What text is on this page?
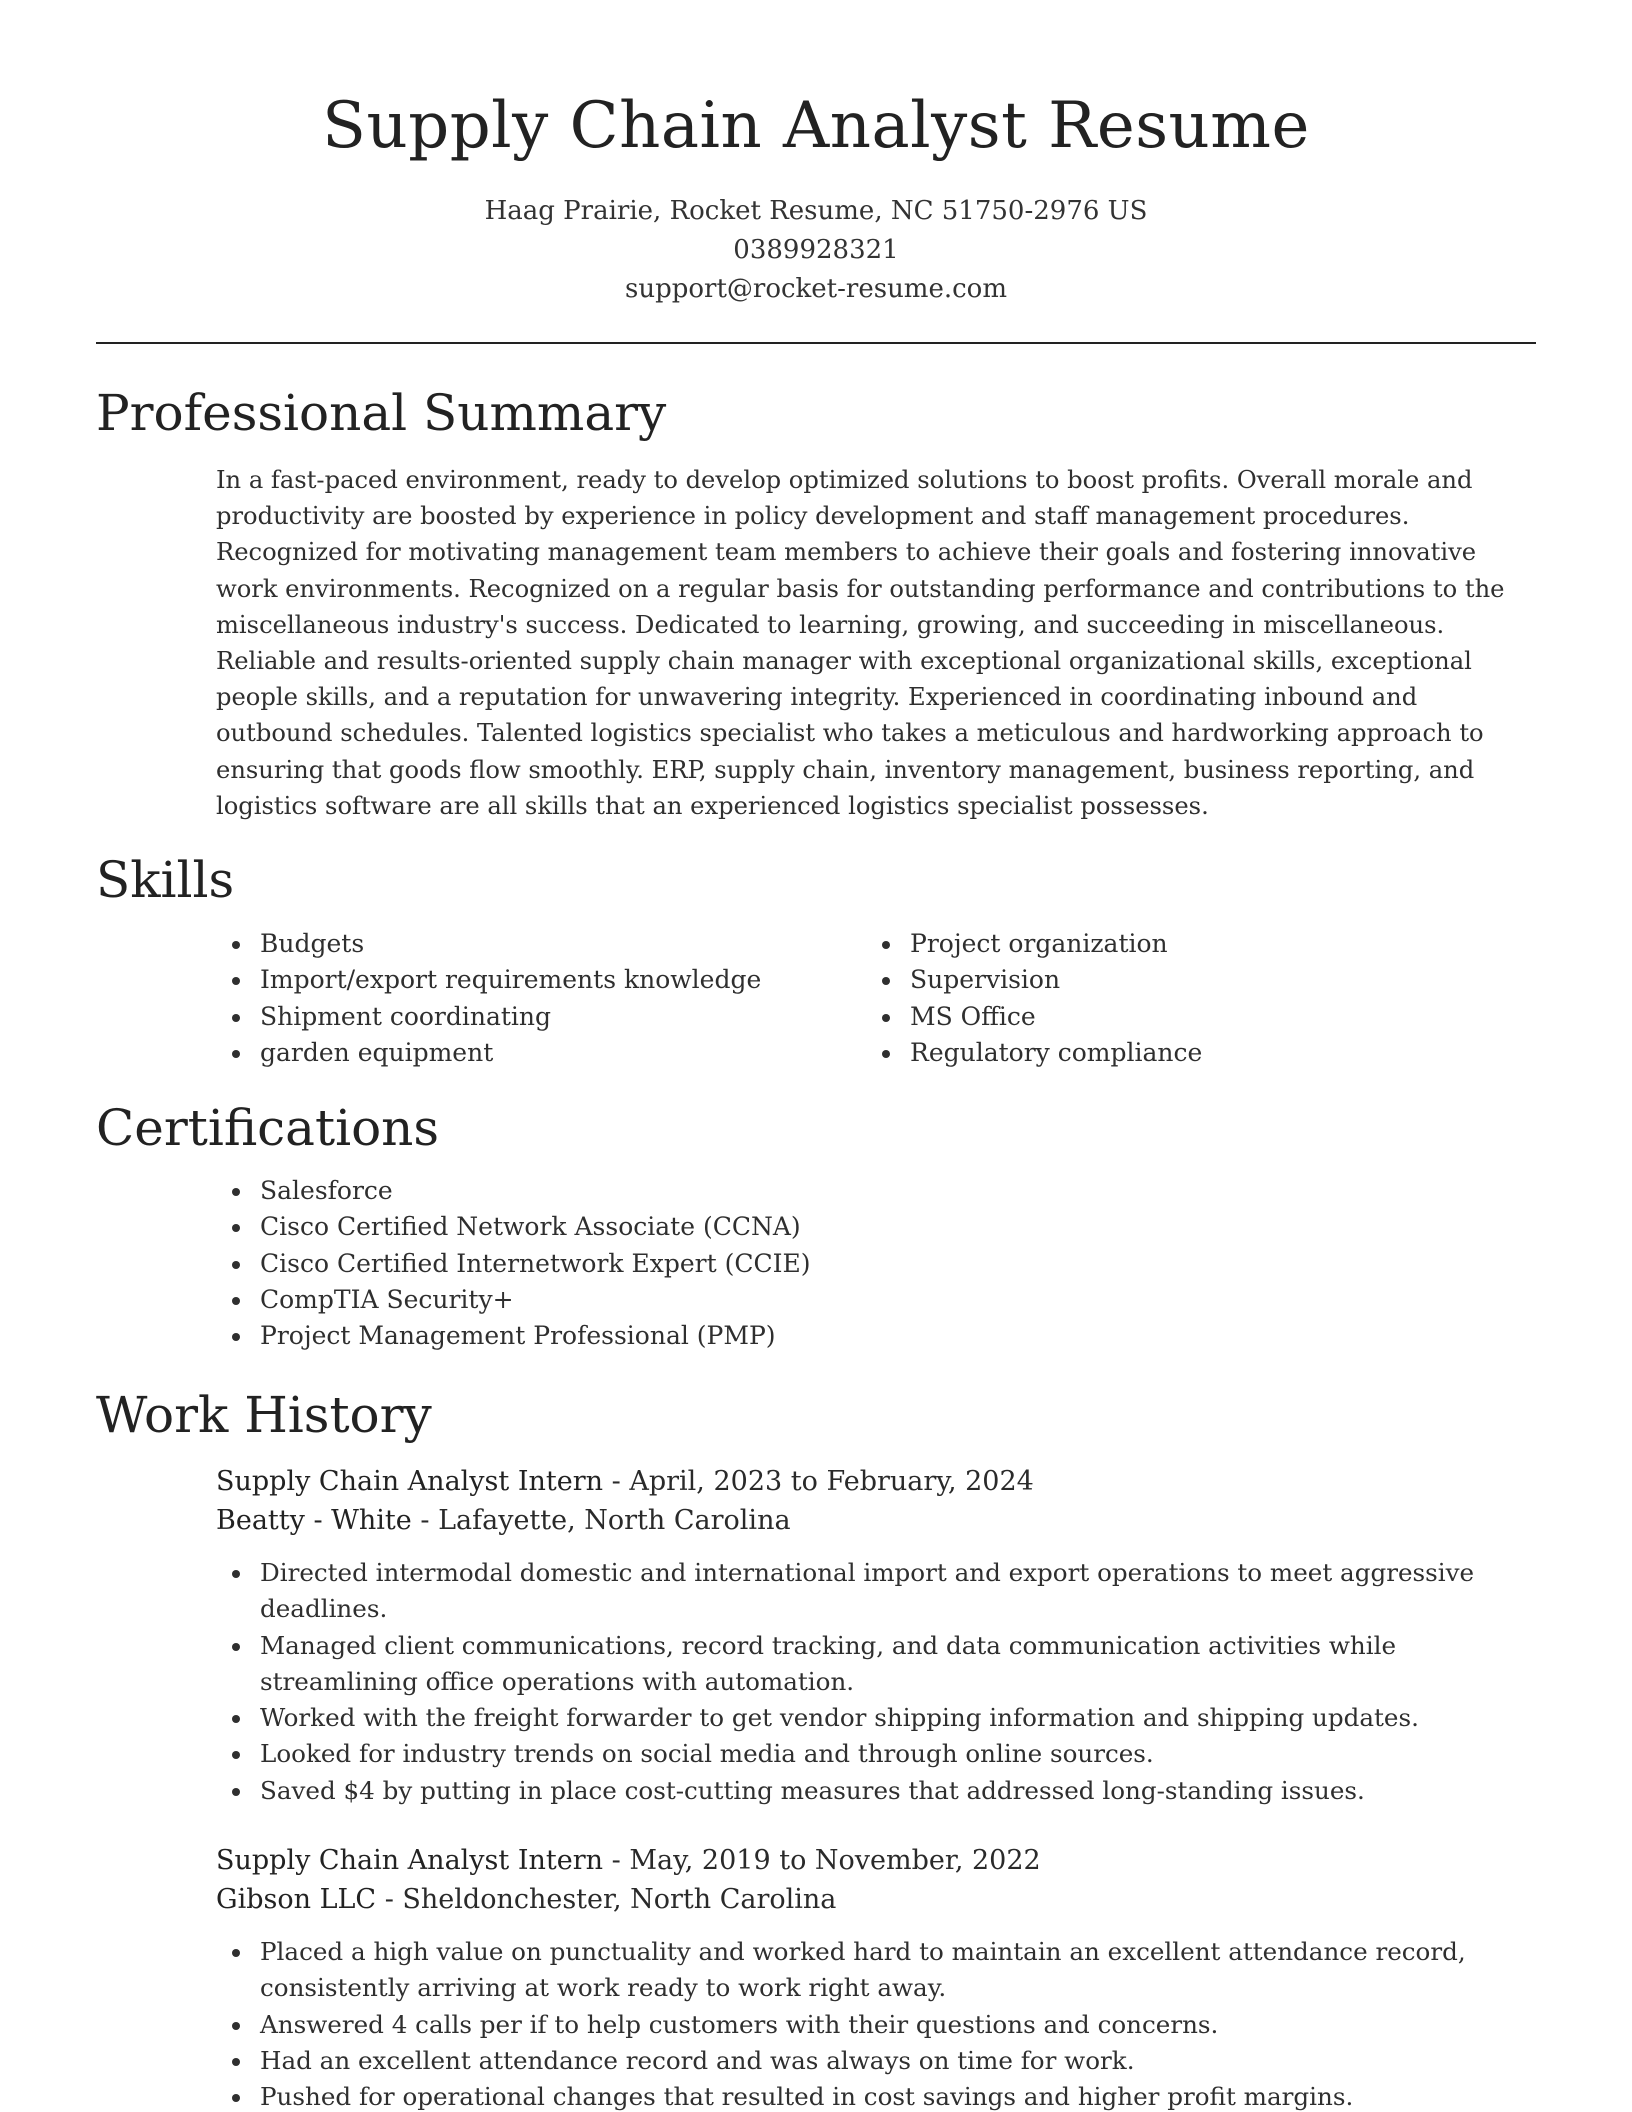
Supply Chain Analyst Resume
Haag Prairie, Rocket Resume, NC 51750-2976 US
0389928321
support@rocket-resume.com
Professional Summary
In a fast-paced environment, ready to develop optimized solutions to boost profits. Overall morale and productivity are boosted by experience in policy development and staff management procedures. Recognized for motivating management team members to achieve their goals and fostering innovative work environments. Recognized on a regular basis for outstanding performance and contributions to the miscellaneous industry's success. Dedicated to learning, growing, and succeeding in miscellaneous. Reliable and results-oriented supply chain manager with exceptional organizational skills, exceptional people skills, and a reputation for unwavering integrity. Experienced in coordinating inbound and outbound schedules. Talented logistics specialist who takes a meticulous and hardworking approach to ensuring that goods flow smoothly. ERP, supply chain, inventory management, business reporting, and logistics software are all skills that an experienced logistics specialist possesses.
Skills
Budgets
Import/export requirements knowledge
Shipment coordinating
garden equipment
Project organization
Supervision
MS Office
Regulatory compliance
Certifications
Salesforce
Cisco Certified Network Associate (CCNA)
Cisco Certified Internetwork Expert (CCIE)
CompTIA Security+
Project Management Professional (PMP)
Work History
Supply Chain Analyst Intern - April, 2023 to February, 2024
Beatty - White - Lafayette, North Carolina
Directed intermodal domestic and international import and export operations to meet aggressive deadlines.
Managed client communications, record tracking, and data communication activities while streamlining office operations with automation.
Worked with the freight forwarder to get vendor shipping information and shipping updates.
Looked for industry trends on social media and through online sources.
Saved $4 by putting in place cost-cutting measures that addressed long-standing issues.
Supply Chain Analyst Intern - May, 2019 to November, 2022
Gibson LLC - Sheldonchester, North Carolina
Placed a high value on punctuality and worked hard to maintain an excellent attendance record, consistently arriving at work ready to work right away.
Answered 4 calls per if to help customers with their questions and concerns.
Had an excellent attendance record and was always on time for work.
Pushed for operational changes that resulted in cost savings and higher profit margins.
